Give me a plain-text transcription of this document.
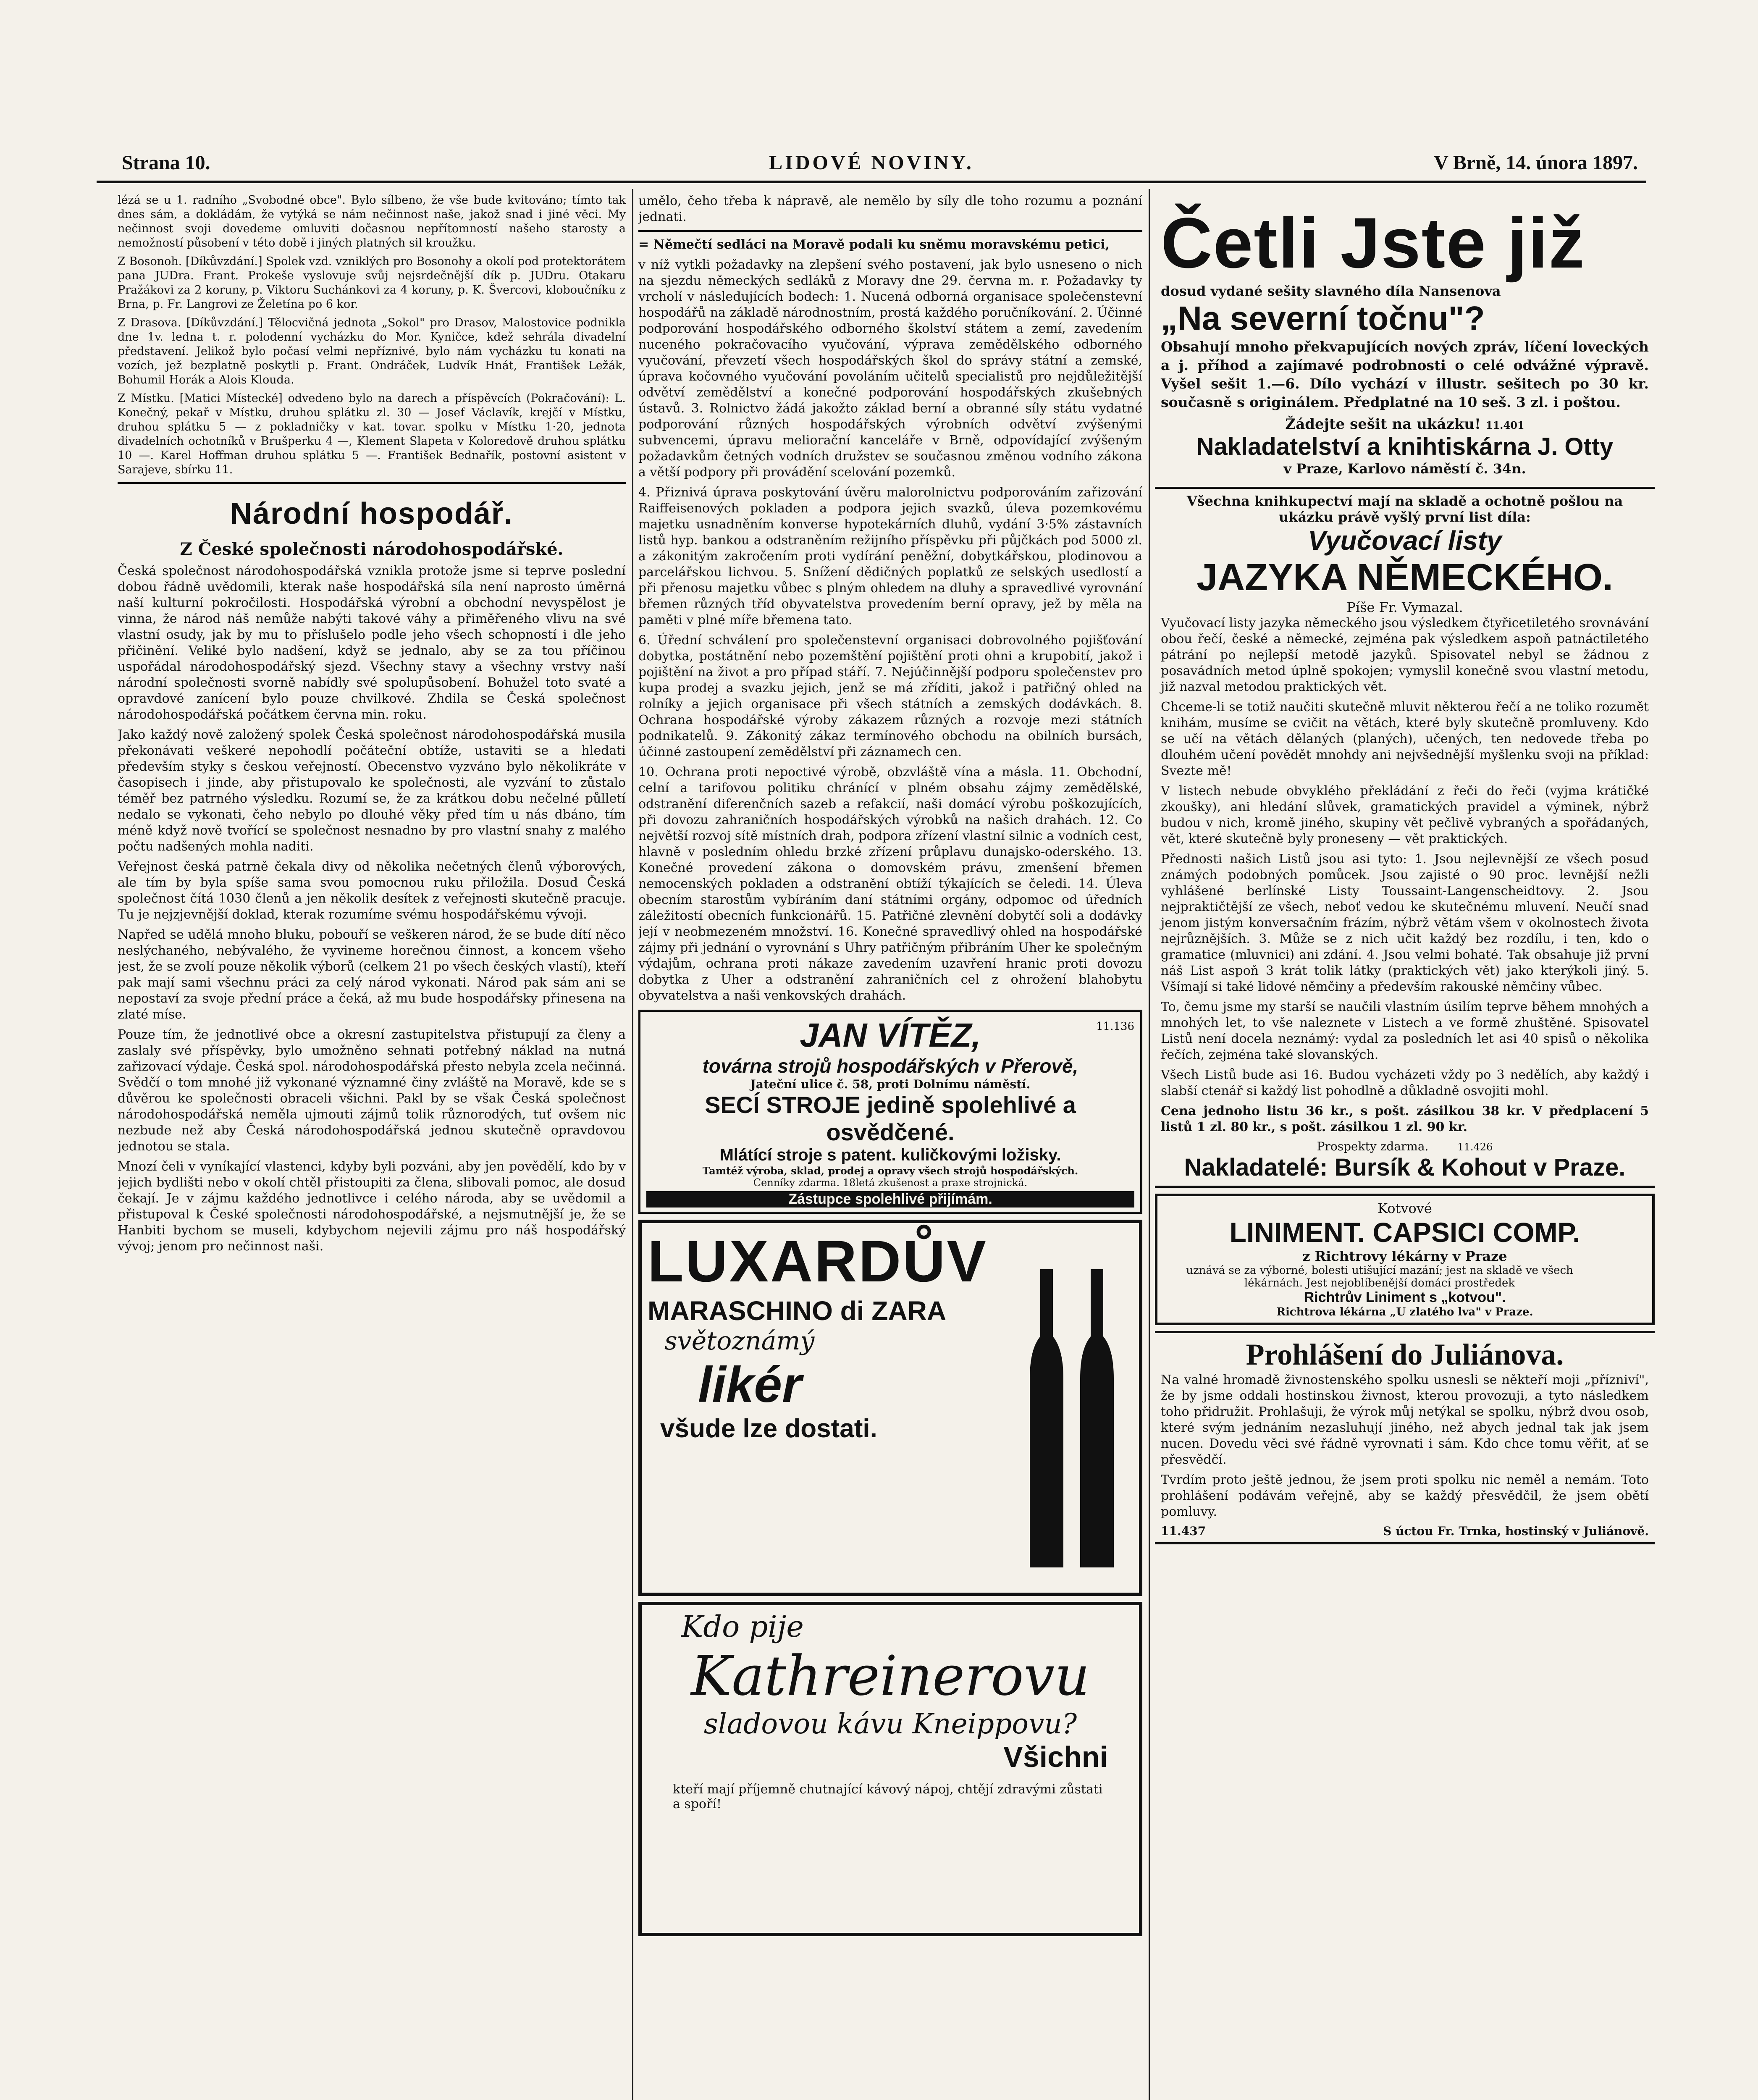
Strana 10.	LIDOVÉ NOVINY.	V Brně, 14. února 1897.

lézá se u 1. radního „Svobodné obce". Bylo sílbeno, že vše bude kvitováno; tímto tak dnes sám, a dokládám, že vytýká se nám nečinnost naše, jakož snad i jiné věci. My nečinnost svoji dovedeme omluviti dočasnou nepřítomností našeho starosty a nemožností působení v této době i jiných platných sil kroužku.

Z Bosonoh. [Díkůvzdání.] Spolek vzd. vzniklých pro Bosonohy a okolí pod protektorátem pana JUDra. Frant. Prokeše vyslovuje svůj nejsrdečnější dík p. JUDru. Otakaru Pražákovi za 2 koruny, p. Viktoru Suchánkovi za 4 koruny, p. K. Švercovi, kloboučníku z Brna, p. Fr. Langrovi ze Želetína po 6 kor.

Z Drasova. [Díkůvzdání.] Tělocvičná jednota „Sokol" pro Drasov, Malostovice podnikla dne 1v. ledna t. r. polodenní vycházku do Mor. Kyničce, kdež sehrála divadelní představení. Jelikož bylo počasí velmi nepříznivé, bylo nám vycházku tu konati na vozích, jež bezplatně poskytli p. Frant. Ondráček, Ludvík Hnát, František Ležák, Bohumil Horák a Alois Klouda.

Z Místku. [Matici Místecké] odvedeno bylo na darech a příspěvcích (Pokračování): L. Konečný, pekař v Místku, druhou splátku zl. 30 — Josef Václavík, krejčí v Místku, druhou splátku 5 — z pokladničky v kat. tovar. spolku v Místku 1·20, jednota divadelních ochotníků v Brušperku 4 —, Klement Slapeta v Koloredově druhou splátku 10 —. Karel Hoffman druhou splátku 5 —. František Bednařík, postovní asistent v Sarajeve, sbírku 11.

Národní hospodář.
Z České společnosti národohospodářské.

Česká společnost národohospodářská vznikla protože jsme si teprve poslední dobou řádně uvědomili, kterak naše hospodářská síla není naprosto úměrná naší kulturní pokročilosti. Hospodářská výrobní a obchodní nevyspělost je vinna, že národ náš nemůže nabýti takové váhy a přiměřeného vlivu na své vlastní osudy, jak by mu to příslušelo podle jeho všech schopností i dle jeho přičinění. Veliké bylo nadšení, když se jednalo, aby se za tou příčinou uspořádal národohospodářský sjezd. Všechny stavy a všechny vrstvy naší národní společnosti svorně nabídly své spolupůsobení. Bohužel toto svaté a opravdové zanícení bylo pouze chvilkové. Zhdila se Česká společnost národohospodářská počátkem června min. roku.

Jako každý nově založený spolek Česká společnost národohospodářská musila překonávati veškeré nepohodlí počáteční obtíže, ustaviti se a hledati především styky s českou veřejností. Obecenstvo vyzváno bylo několikráte v časopisech i jinde, aby přistupovalo ke společnosti, ale vyzvání to zůstalo téměř bez patrného výsledku. Rozumí se, že za krátkou dobu nečelné půlletí nedalo se vykonati, čeho nebylo po dlouhé věky před tím u nás dbáno, tím méně když nově tvořící se společnost nesnadno by pro vlastní snahy z malého počtu nadšených mohla naditi.

Veřejnost česká patrně čekala divy od několika nečetných členů výborových, ale tím by byla spíše sama svou pomocnou ruku přiložila. Dosud Česká společnost čítá 1030 členů a jen několik desítek z veřejnosti skutečně pracuje. Tu je nejzjevnější doklad, kterak rozumíme svému hospodářskému vývoji.

Napřed se udělá mnoho bluku, pobouří se veškeren národ, že se bude dítí něco neslýchaného, nebývalého, že vyvineme horečnou činnost, a koncem všeho jest, že se zvolí pouze několik výborů (celkem 21 po všech českých vlastí), kteří pak mají sami všechnu práci za celý národ vykonati. Národ pak sám ani se nepostaví za svoje přední práce a čeká, až mu bude hospodářsky přinesena na zlaté míse.

Pouze tím, že jednotlivé obce a okresní zastupitelstva přistupují za členy a zaslaly své příspěvky, bylo umožněno sehnati potřebný náklad na nutná zařizovací výdaje. Česká spol. národohospodářská přesto nebyla zcela nečinná. Svědčí o tom mnohé již vykonané významné činy zvláště na Moravě, kde se s důvěrou ke společnosti obraceli všichni. Pakl by se však Česká společnost národohospodářská neměla ujmouti zájmů tolik různorodých, tuť ovšem nic nezbude než aby Česká národohospodářská jednou skutečně opravdovou jednotou se stala.

Mnozí čeli v vyníkající vlastenci, kdyby byli pozváni, aby jen povědělí, kdo by v jejich bydlišti nebo v okolí chtěl přistoupiti za člena, slibovali pomoc, ale dosud čekají. Je v zájmu každého jednotlivce i celého národa, aby se uvědomil a přistupoval k České společnosti národohospodářské, a nejsmutnější je, že se Hanbiti bychom se museli, kdybychom nejevili zájmu pro náš hospodářský vývoj; jenom pro nečinnost naši.

umělo, čeho třeba k nápravě, ale nemělo by síly dle toho rozumu a poznání jednati.

= Němečtí sedláci na Moravě podali ku sněmu moravskému petici,

v níž vytkli požadavky na zlepšení svého postavení, jak bylo usneseno o nich na sjezdu německých sedláků z Moravy dne 29. června m. r. Požadavky ty vrcholí v následujících bodech: 1. Nucená odborná organisace společenstevní hospodářů na základě národnostním, prostá každého poručníkování. 2. Účinné podporování hospodářského odborného školství státem a zemí, zavedením nuceného pokračovacího vyučování, výprava zemědělského odborného vyučování, převzetí všech hospodářských škol do správy státní a zemské, úprava kočovného vyučování povoláním učitelů specialistů pro nejdůležitější odvětví zemědělství a konečné podporování hospodářských zkušebných ústavů. 3. Rolnictvo žádá jakožto základ berní a obranné síly státu vydatné podporování různých hospodářských výrobních odvětví zvýšenými subvencemi, úpravu meliorační kanceláře v Brně, odpovídající zvýšeným požadavkům četných vodních družstev se současnou změnou vodního zákona a větší podpory při provádění scelování pozemků.

4. Přiznivá úprava poskytování úvěru malorolnictvu podporováním zařizování Raiffeisenových pokladen a podpora jejich svazků, úleva pozemkovému majetku usnadněním konverse hypotekárních dluhů, vydání 3·5% zástavních listů hyp. bankou a odstraněním režijního příspěvku při půjčkách pod 5000 zl. a zákonitým zakročením proti vydírání peněžní, dobytkářskou, plodinovou a parcelářskou lichvou. 5. Snížení dědičných poplatků ze selských usedlostí a při přenosu majetku vůbec s plným ohledem na dluhy a spravedlivé vyrovnání břemen různých tříd obyvatelstva provedením berní opravy, jež by měla na paměti v plné míře břemena tato.

6. Úřední schválení pro společenstevní organisaci dobrovolného pojišťování dobytka, postátnění nebo pozemštění pojištění proti ohni a krupobití, jakož i pojištění na život a pro případ stáří. 7. Nejúčinnější podporu společenstev pro kupa prodej a svazku jejich, jenž se má zříditi, jakož i patřičný ohled na rolníky a jejich organisace při všech státních a zemských dodávkách. 8. Ochrana hospodářské výroby zákazem různých a rozvoje mezi státních podnikatelů. 9. Zákonitý zákaz termínového obchodu na obilních bursách, účinné zastoupení zemědělství při záznamech cen.

10. Ochrana proti nepoctivé výrobě, obzvláště vína a másla. 11. Obchodní, celní a tarifovou politiku chránící v plném obsahu zájmy zemědělské, odstranění diferenčních sazeb a refakcií, naši domácí výrobu poškozujících, při dovozu zahraničních hospodářských výrobků na našich drahách. 12. Co největší rozvoj sítě místních drah, podpora zřízení vlastní silnic a vodních cest, hlavně v posledním ohledu brzké zřízení průplavu dunajsko-oderského. 13. Konečné provedení zákona o domovském právu, zmenšení břemen nemocenských pokladen a odstranění obtíží týkajících se čeledi. 14. Úleva obecním starostům vybíráním daní státními orgány, odpomoc od úředních záležitostí obecních funkcionářů. 15. Patřičné zlevnění dobytčí soli a dodávky její v neobmezeném množství. 16. Konečné spravedlivý ohled na hospodářské zájmy při jednání o vyrovnání s Uhry patřičným přibráním Uher ke společným výdajům, ochrana proti nákaze zavedením uzavření hranic proti dovozu dobytka z Uher a odstranění zahraničních cel z ohrožení blahobytu obyvatelstva a naši venkovských drahách.

JAN VÍTĚZ,	11.136
továrna strojů hospodářských v Přerově,
Jateční ulice č. 58, proti Dolnímu náměstí.
SECÍ STROJE jedině spolehlivé a osvědčené.
Mlátící stroje s patent. kuličkovými ložisky.
Tamtéž výroba, sklad, prodej a opravy všech strojů hospodářských.
Cenníky zdarma. 18letá zkušenost a praxe strojnická.
Zástupce spolehlivé přijímám.
LUXARDŮV
MARASCHINO di ZARA
světoznámý
likér
všude lze dostati.
Kdo pije
Kathreinerovu
sladovou kávu Kneippovu?
Všichni
kteří mají příjemně chutnající kávový nápoj, chtějí zdravými zůstati a spoří!
Četli Jste již
dosud vydané sešity slavného díla Nansenova
„Na severní točnu"?

Obsahují mnoho překvapujících nových zpráv, líčení loveckých a j. příhod a zajímavé podrobnosti o celé odvážné výpravě. Vyšel sešit 1.—6. Dílo vychází v illustr. sešitech po 30 kr. současně s originálem. Předplatné na 10 seš. 3 zl. i poštou.

Žádejte sešit na ukázku! 11.401
Nakladatelství a knihtiskárna J. Otty
v Praze, Karlovo náměstí č. 34n.
Všechna knihkupectví mají na skladě a ochotně pošlou na ukázku právě vyšlý první list díla:
Vyučovací listy
JAZYKA NĚMECKÉHO.
Píše Fr. Vymazal.

Vyučovací listy jazyka německého jsou výsledkem čtyřicetiletého srovnávání obou řečí, české a německé, zejména pak výsledkem aspoň patnáctiletého pátrání po nejlepší metodě jazyků. Spisovatel nebyl se žádnou z posavádních metod úplně spokojen; vymyslil konečně svou vlastní metodu, již nazval metodou praktických vět.

Chceme-li se totiž naučiti skutečně mluvit některou řečí a ne toliko rozumět knihám, musíme se cvičit na větách, které byly skutečně promluveny. Kdo se učí na větách dělaných (planých), učených, ten nedovede třeba po dlouhém učení povědět mnohdy ani nejvšednější myšlenku svoji na příklad: Svezte mě!

V listech nebude obvyklého překládání z řeči do řeči (vyjma krátičké zkoušky), ani hledání slůvek, gramatických pravidel a výminek, nýbrž budou v nich, kromě jiného, skupiny vět pečlivě vybraných a spořádaných, vět, které skutečně byly proneseny — vět praktických.

Přednosti našich Listů jsou asi tyto: 1. Jsou nejlevnější ze všech posud známých podobných pomůcek. Jsou zajisté o 90 proc. levnější nežli vyhlášené berlínské Listy Toussaint-Langenscheidtovy. 2. Jsou nejpraktičtější ze všech, neboť vedou ke skutečnému mluvení. Neučí snad jenom jistým konversačním frázím, nýbrž větám všem v okolnostech života nejrůznějších. 3. Může se z nich učit každý bez rozdílu, i ten, kdo o gramatice (mluvnici) ani zdání. 4. Jsou velmi bohaté. Tak obsahuje již první náš List aspoň 3 krát tolik látky (praktických vět) jako kterýkoli jiný. 5. Všímají si také lidové němčiny a především rakouské němčiny vůbec.

To, čemu jsme my starší se naučili vlastním úsilím teprve během mnohých a mnohých let, to vše naleznete v Listech a ve formě zhuštěné. Spisovatel Listů není docela neznámý: vydal za posledních let asi 40 spisů o několika řečích, zejména také slovanských.

Všech Listů bude asi 16. Budou vycházeti vždy po 3 nedělích, aby každý i slabší ctenář si každý list pohodlně a důkladně osvojiti mohl.

Cena jednoho listu 36 kr., s pošt. zásilkou 38 kr. V předplacení 5 listů 1 zl. 80 kr., s pošt. zásilkou 1 zl. 90 kr.

Prospekty zdarma.	11.426
Nakladatelé: Bursík & Kohout v Praze.
Kotvové
LINIMENT. CAPSICI COMP.
z Richtrovy lékárny v Praze
uznává se za výborné, bolesti utišující mazání; jest na skladě ve všech lékárnách. Jest nejoblíbenější domácí prostředek
Richtrův Liniment s „kotvou".
Richtrova lékárna „U zlatého lva" v Praze.
Prohlášení do Juliánova.

Na valné hromadě živnostenského spolku usnesli se někteří moji „přízniví", že by jsme oddali hostinskou živnost, kterou provozuji, a tyto následkem toho přidružit. Prohlašuji, že výrok můj netýkal se spolku, nýbrž dvou osob, které svým jednáním nezasluhují jiného, než abych jednal tak jak jsem nucen. Dovedu věci své řádně vyrovnati i sám. Kdo chce tomu věřit, ať se přesvědčí.

Tvrdím proto ještě jednou, že jsem proti spolku nic neměl a nemám. Toto prohlášení podávám veřejně, aby se každý přesvědčil, že jsem obětí pomluvy.

11.437	S úctou Fr. Trnka, hostinský v Juliánově.
